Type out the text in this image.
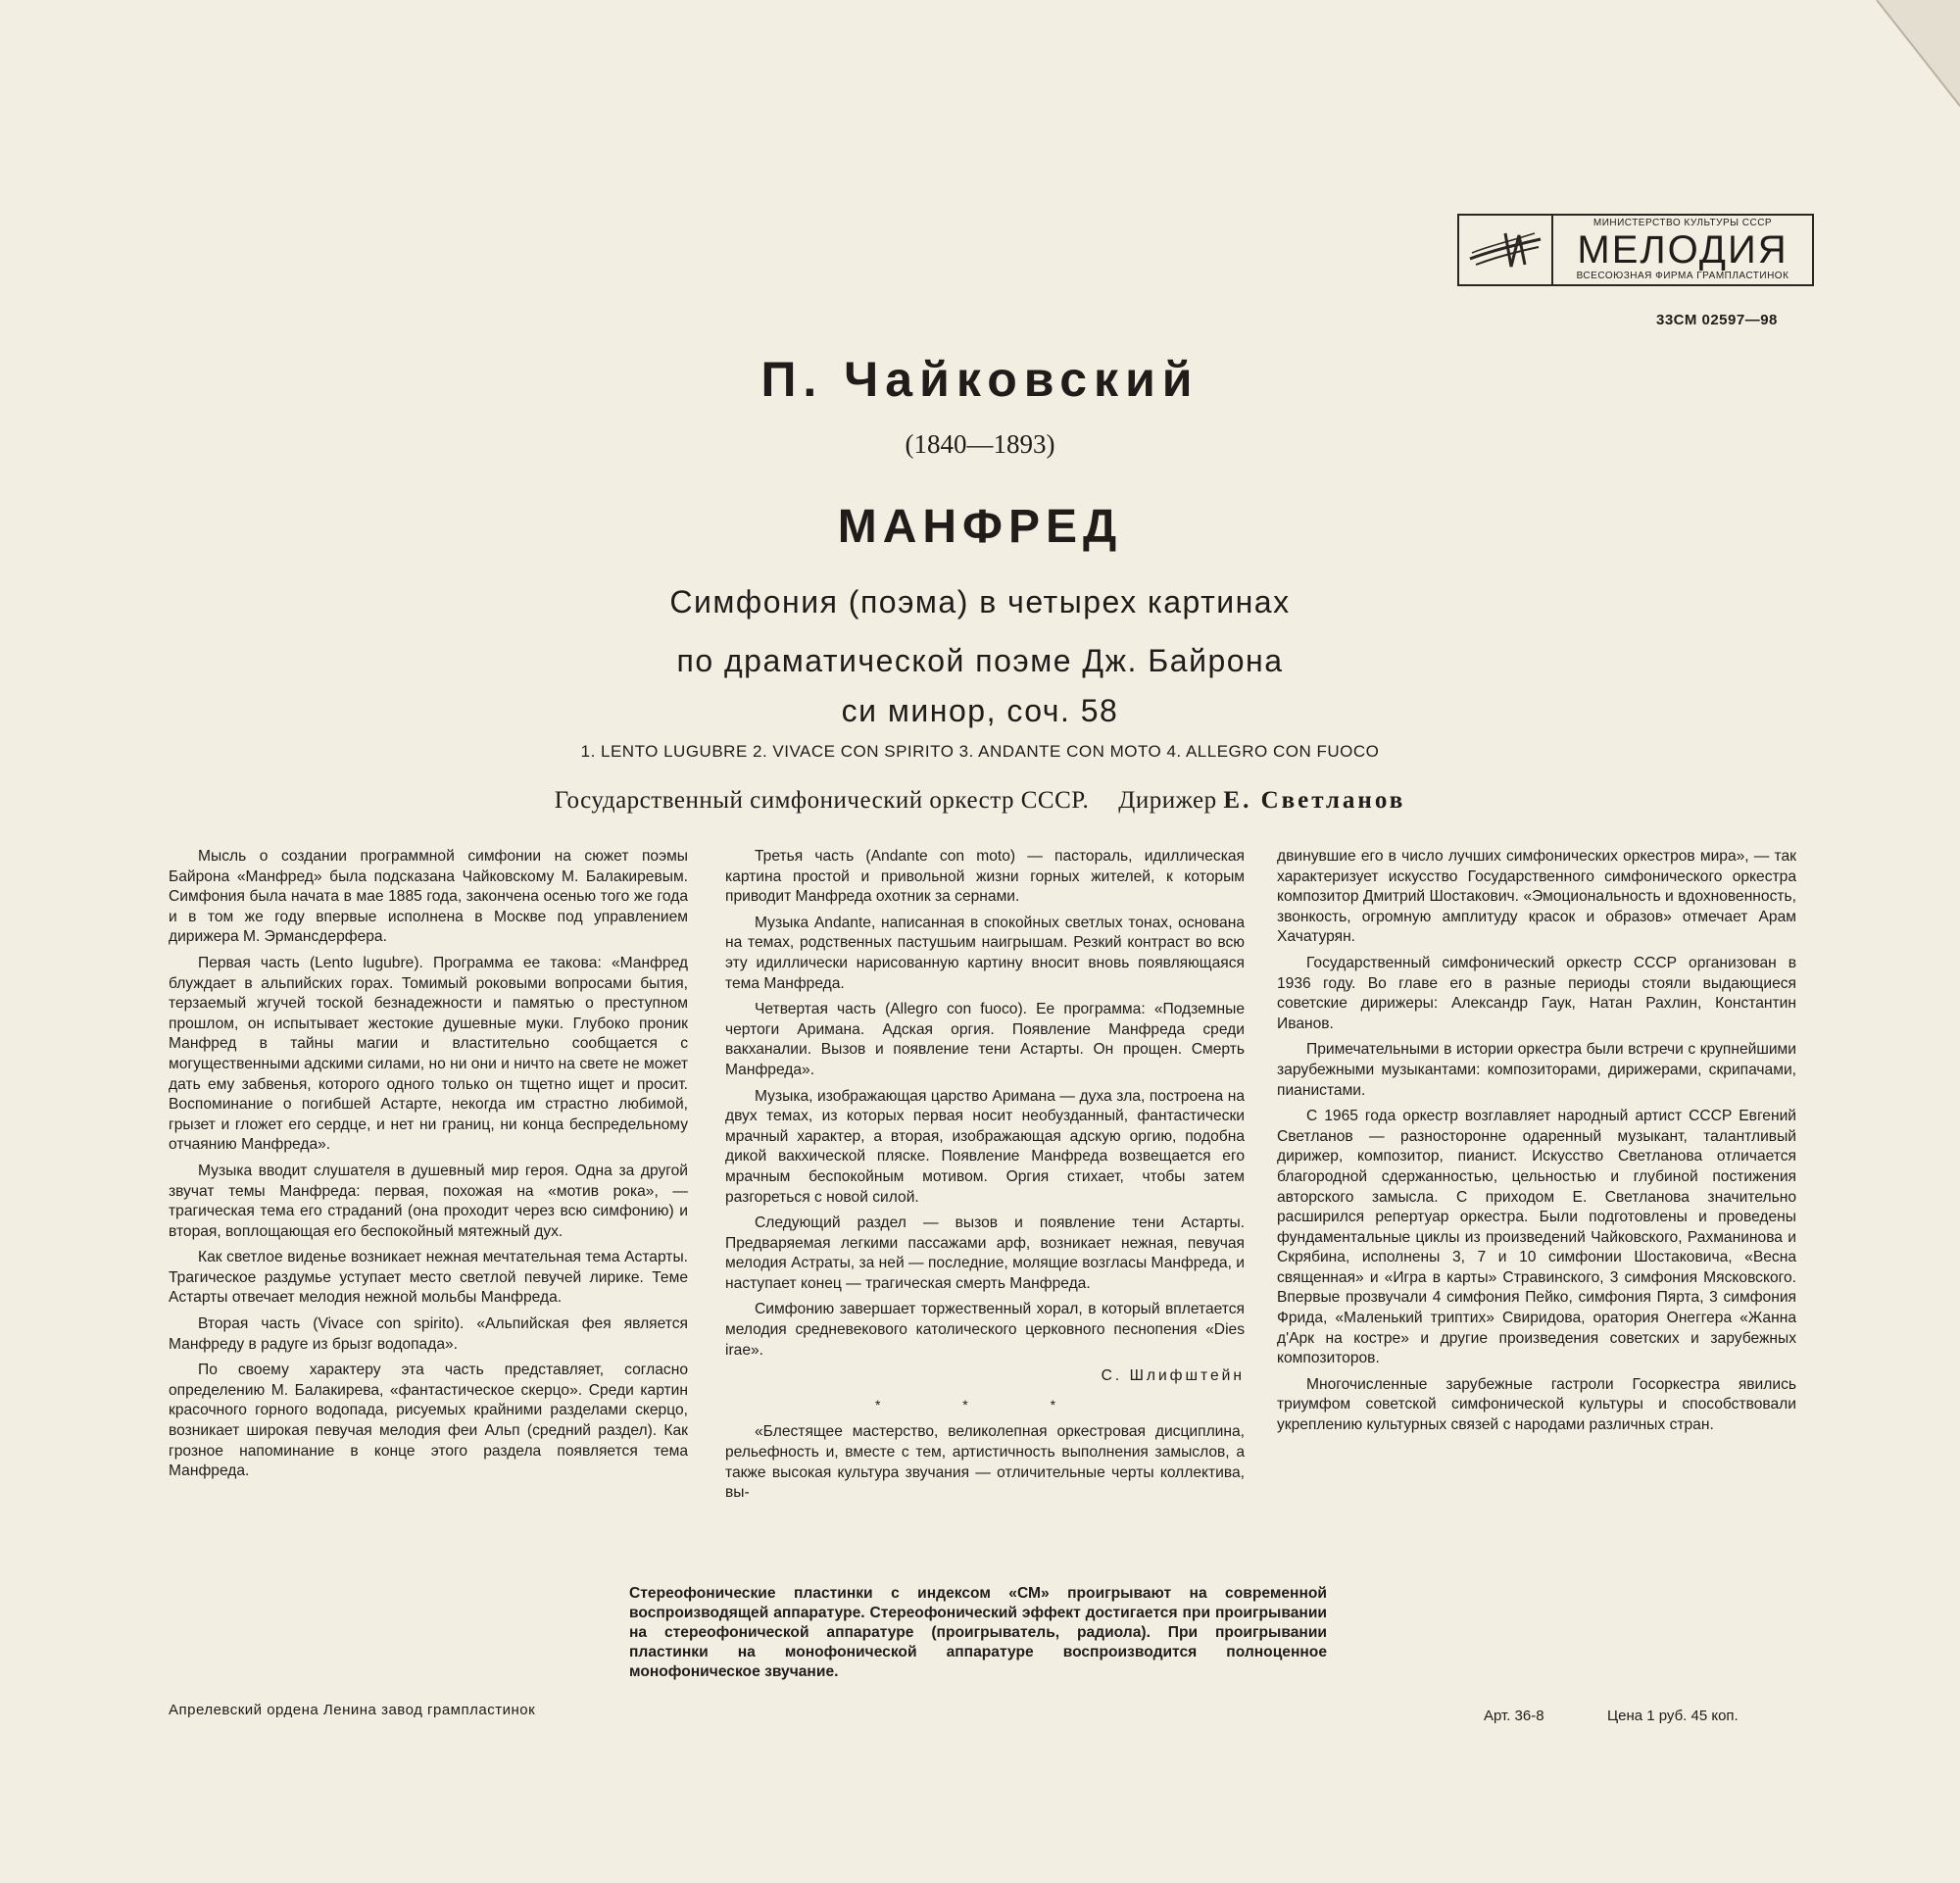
МИНИСТЕРСТВО КУЛЬТУРЫ СССР
МЕЛОДИЯ
ВСЕСОЮЗНАЯ ФИРМА ГРАМПЛАСТИНОК
33СМ 02597—98
П. Чайковский
(1840—1893)
МАНФРЕД
Симфония (поэма) в четырех картинах
по драматической поэме Дж. Байрона
си минор, соч. 58
1. LENTO LUGUBRE 2. VIVACE CON SPIRITO 3. ANDANTE CON MOTO 4. ALLEGRO CON FUOCO
Государственный симфонический оркестр СССР. Дирижер Е. Светланов

Мысль о создании программной симфонии на сюжет поэмы Байрона «Манфред» была подсказана Чайковскому М. Балакиревым. Симфония была начата в мае 1885 года, закончена осенью того же года и в том же году впервые исполнена в Москве под управлением дирижера М. Эрмансдерфера.

Первая часть (Lento lugubre). Программа ее такова: «Манфред блуждает в альпийских горах. Томимый роковыми вопросами бытия, терзаемый жгучей тоской безнадежности и памятью о преступном прошлом, он испытывает жестокие душевные муки. Глубоко проник Манфред в тайны магии и властительно сообщается с могущественными адскими силами, но ни они и ничто на свете не может дать ему забвенья, которого одного только он тщетно ищет и просит. Воспоминание о погибшей Астарте, некогда им страстно любимой, грызет и гложет его сердце, и нет ни границ, ни конца беспредельному отчаянию Манфреда».

Музыка вводит слушателя в душевный мир героя. Одна за другой звучат темы Манфреда: первая, похожая на «мотив рока», — трагическая тема его страданий (она проходит через всю симфонию) и вторая, воплощающая его беспокойный мятежный дух.

Как светлое виденье возникает нежная мечтательная тема Астарты. Трагическое раздумье уступает место светлой певучей лирике. Теме Астарты отвечает мелодия нежной мольбы Манфреда.

Вторая часть (Vivace con spirito). «Альпийская фея является Манфреду в радуге из брызг водопада».

По своему характеру эта часть представляет, согласно определению М. Балакирева, «фантастическое скерцо». Среди картин красочного горного водопада, рисуемых крайними разделами скерцо, возникает широкая певучая мелодия феи Альп (средний раздел). Как грозное напоминание в конце этого раздела появляется тема Манфреда.

Третья часть (Andante con moto) — пастораль, идиллическая картина простой и привольной жизни горных жителей, к которым приводит Манфреда охотник за сернами.

Музыка Andante, написанная в спокойных светлых тонах, основана на темах, родственных пастушьим наигрышам. Резкий контраст во всю эту идиллически нарисованную картину вносит вновь появляющаяся тема Манфреда.

Четвертая часть (Allegro con fuoco). Ее программа: «Подземные чертоги Аримана. Адская оргия. Появление Манфреда среди вакханалии. Вызов и появление тени Астарты. Он прощен. Смерть Манфреда».

Музыка, изображающая царство Аримана — духа зла, построена на двух темах, из которых первая носит необузданный, фантастически мрачный характер, а вторая, изображающая адскую оргию, подобна дикой вакхической пляске. Появление Манфреда возвещается его мрачным беспокойным мотивом. Оргия стихает, чтобы затем разгореться с новой силой.

Следующий раздел — вызов и появление тени Астарты. Предваряемая легкими пассажами арф, возникает нежная, певучая мелодия Астраты, за ней — последние, молящие возгласы Манфреда, и наступает конец — трагическая смерть Манфреда.

Симфонию завершает торжественный хорал, в который вплетается мелодия средневекового католического церковного песнопения «Dies irae».

С. Шлифштейн
* * *

«Блестящее мастерство, великолепная оркестровая дисциплина, рельефность и, вместе с тем, артистичность выполнения замыслов, а также высокая культура звучания — отличительные черты коллектива, вы-

двинувшие его в число лучших симфонических оркестров мира», — так характеризует искусство Государственного симфонического оркестра композитор Дмитрий Шостакович. «Эмоциональность и вдохновенность, звонкость, огромную амплитуду красок и образов» отмечает Арам Хачатурян.

Государственный симфонический оркестр СССР организован в 1936 году. Во главе его в разные периоды стояли выдающиеся советские дирижеры: Александр Гаук, Натан Рахлин, Константин Иванов.

Примечательными в истории оркестра были встречи с крупнейшими зарубежными музыкантами: композиторами, дирижерами, скрипачами, пианистами.

С 1965 года оркестр возглавляет народный артист СССР Евгений Светланов — разносторонне одаренный музыкант, талантливый дирижер, композитор, пианист. Искусство Светланова отличается благородной сдержанностью, цельностью и глубиной постижения авторского замысла. С приходом Е. Светланова значительно расширился репертуар оркестра. Были подготовлены и проведены фундаментальные циклы из произведений Чайковского, Рахманинова и Скрябина, исполнены 3, 7 и 10 симфонии Шостаковича, «Весна священная» и «Игра в карты» Стравинского, 3 симфония Мясковского. Впервые прозвучали 4 симфония Пейко, симфония Пярта, 3 симфония Фрида, «Маленький триптих» Свиридова, оратория Онеггера «Жанна д'Арк на костре» и другие произведения советских и зарубежных композиторов.

Многочисленные зарубежные гастроли Госоркестра явились триумфом советской симфонической культуры и способствовали укреплению культурных связей с народами различных стран.

Стереофонические пластинки с индексом «СМ» проигрывают на современной воспроизводящей аппаратуре. Стереофонический эффект достигается при проигрывании на стереофонической аппаратуре (проигрыватель, радиола). При проигрывании пластинки на монофонической аппаратуре воспроизводится полноценное монофоническое звучание.
Апрелевский ордена Ленина завод грампластинок	Арт. 36-8	Цена 1 руб. 45 коп.
